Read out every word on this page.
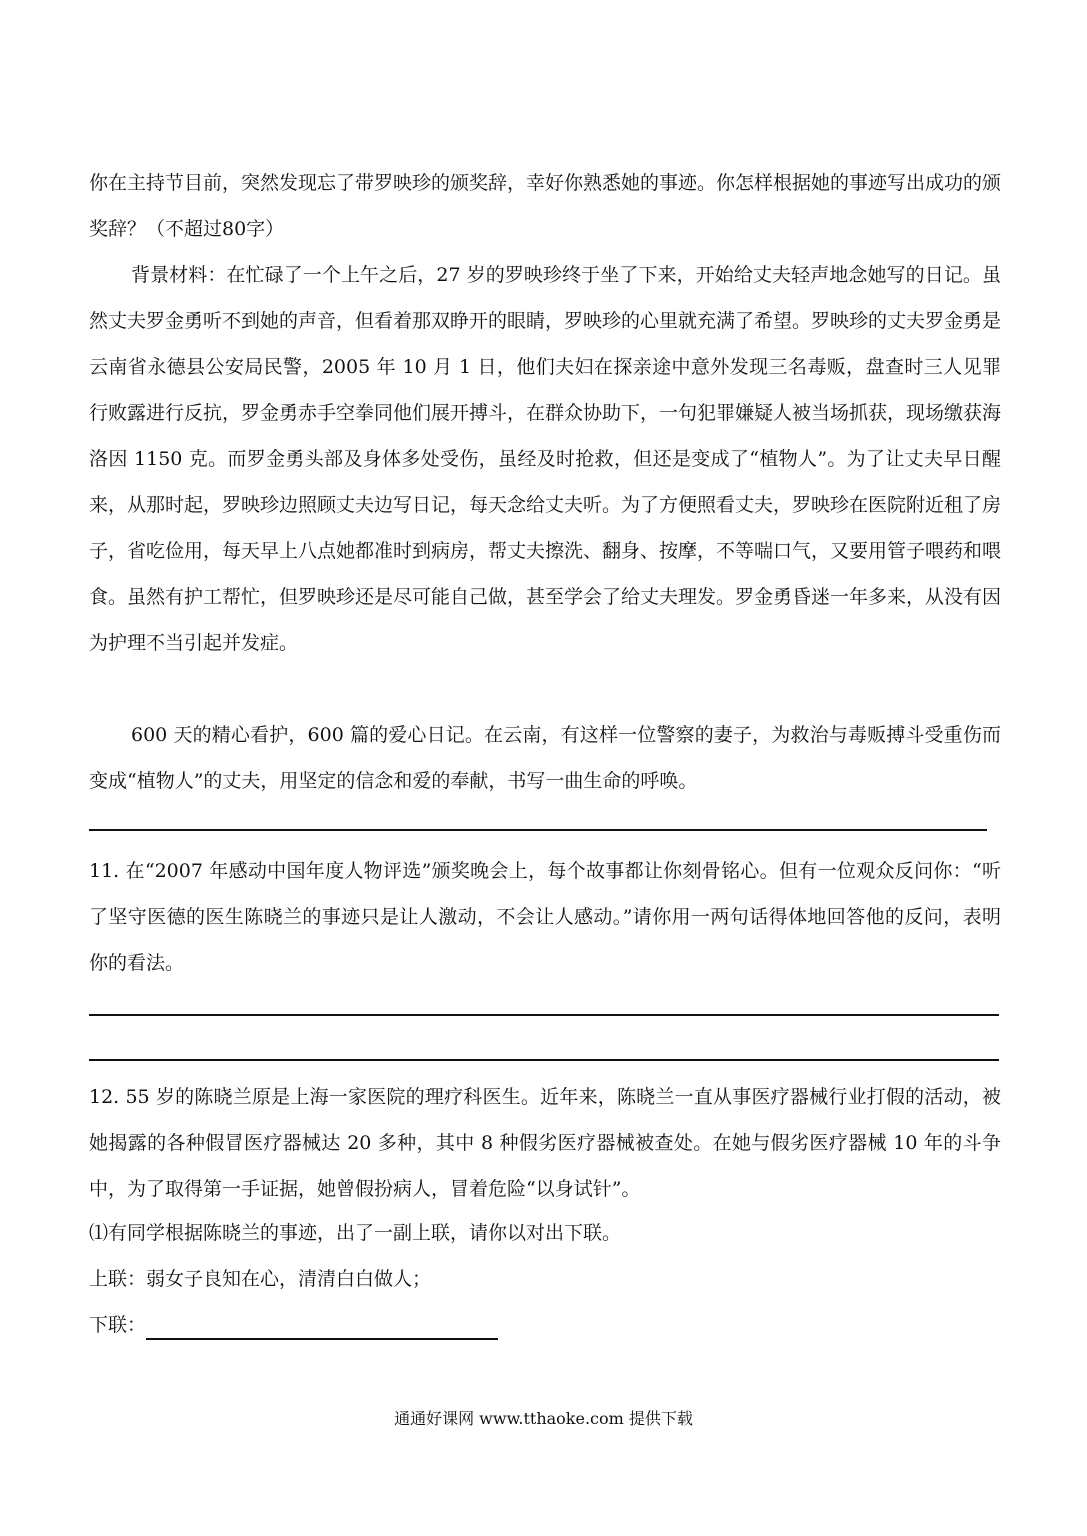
你在主持节目前，突然发现忘了带罗映珍的颁奖辞，幸好你熟悉她的事迹。你怎样根据她的事迹写出成功的颁奖辞？（不超过80字）

背景材料：在忙碌了一个上午之后，27 岁的罗映珍终于坐了下来，开始给丈夫轻声地念她写的日记。虽然丈夫罗金勇听不到她的声音，但看着那双睁开的眼睛，罗映珍的心里就充满了希望。罗映珍的丈夫罗金勇是云南省永德县公安局民警，2005 年 10 月 1 日，他们夫妇在探亲途中意外发现三名毒贩，盘查时三人见罪行败露进行反抗，罗金勇赤手空拳同他们展开搏斗，在群众协助下，一句犯罪嫌疑人被当场抓获，现场缴获海洛因 1150 克。而罗金勇头部及身体多处受伤，虽经及时抢救，但还是变成了“植物人”。为了让丈夫早日醒来，从那时起，罗映珍边照顾丈夫边写日记，每天念给丈夫听。为了方便照看丈夫，罗映珍在医院附近租了房子，省吃俭用，每天早上八点她都准时到病房，帮丈夫擦洗、翻身、按摩，不等喘口气，又要用管子喂药和喂食。虽然有护工帮忙，但罗映珍还是尽可能自己做，甚至学会了给丈夫理发。罗金勇昏迷一年多来，从没有因为护理不当引起并发症。

600 天的精心看护，600 篇的爱心日记。在云南，有这样一位警察的妻子，为救治与毒贩搏斗受重伤而变成“植物人”的丈夫，用坚定的信念和爱的奉献，书写一曲生命的呼唤。

11. 在“2007 年感动中国年度人物评选”颁奖晚会上，每个故事都让你刻骨铭心。但有一位观众反问你：“听了坚守医德的医生陈晓兰的事迹只是让人激动，不会让人感动。”请你用一两句话得体地回答他的反问，表明你的看法。

12. 55 岁的陈晓兰原是上海一家医院的理疗科医生。近年来，陈晓兰一直从事医疗器械行业打假的活动，被她揭露的各种假冒医疗器械达 20 多种，其中 8 种假劣医疗器械被查处。在她与假劣医疗器械 10 年的斗争中，为了取得第一手证据，她曾假扮病人，冒着危险“以身试针”。

⑴有同学根据陈晓兰的事迹，出了一副上联，请你以对出下联。

上联：弱女子良知在心，清清白白做人；

下联：

通通好课网 www.tthaoke.com 提供下载
